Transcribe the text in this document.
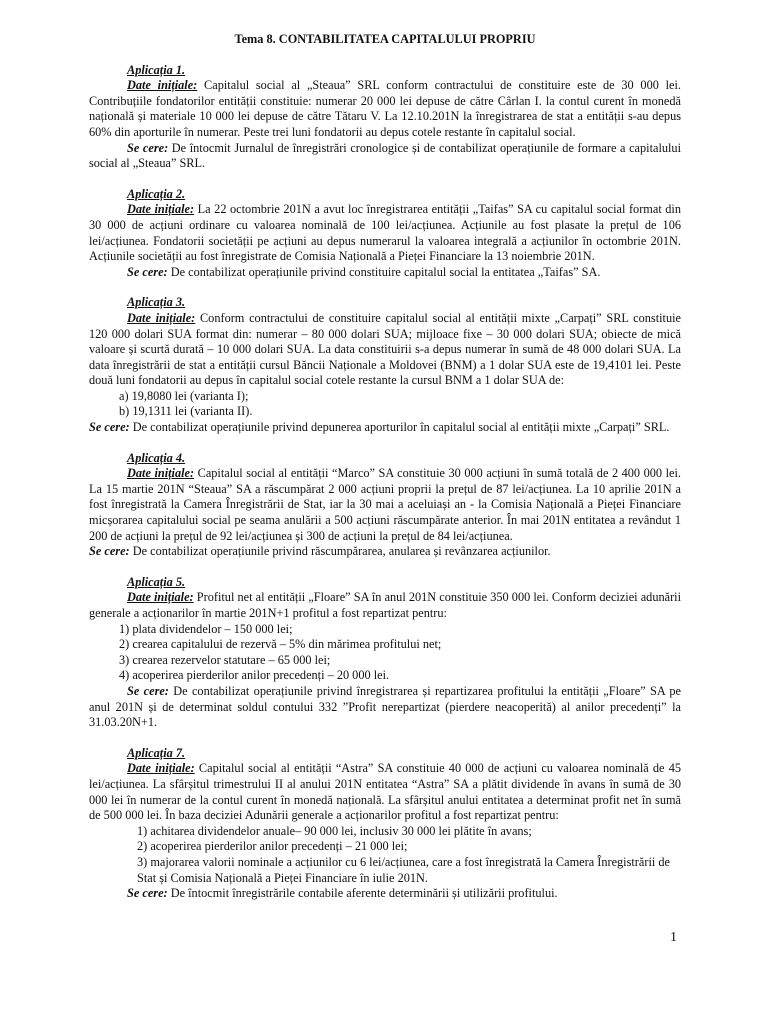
Tema 8. CONTABILITATEA CAPITALULUI PROPRIU
Aplicația 1.

Date inițiale: Capitalul social al „Steaua” SRL conform contractului de constituire este de 30 000 lei. Contribuțiile fondatorilor entității constituie: numerar 20 000 lei depuse de către Cârlan I. la contul curent în monedă națională și materiale 10 000 lei depuse de către Tătaru V. La 12.10.201N la înregistrarea de stat a entității s-au depus 60% din aporturile în numerar. Peste trei luni fondatorii au depus cotele restante în capitalul social.

Se cere: De întocmit Jurnalul de înregistrări cronologice și de contabilizat operațiunile de formare a capitalului social al „Steaua” SRL.

Aplicația 2.

Date inițiale: La 22 octombrie 201N a avut loc înregistrarea entității „Taifas” SA cu capitalul social format din 30 000 de acțiuni ordinare cu valoarea nominală de 100 lei/acțiunea. Acțiunile au fost plasate la prețul de 106 lei/acțiunea. Fondatorii societății pe acțiuni au depus numerarul la valoarea integrală a acțiunilor în octombrie 201N. Acțiunile societății au fost înregistrate de Comisia Națională a Pieței Financiare la 13 noiembrie 201N.

Se cere: De contabilizat operațiunile privind constituire capitalul social la entitatea „Taifas” SA.

Aplicația 3.

Date inițiale: Conform contractului de constituire capitalul social al entității mixte „Carpați” SRL constituie 120 000 dolari SUA format din: numerar – 80 000 dolari SUA; mijloace fixe – 30 000 dolari SUA; obiecte de mică valoare și scurtă durată – 10 000 dolari SUA. La data constituirii s-a depus numerar în sumă de 48 000 dolari SUA. La data înregistrării de stat a entității cursul Băncii Naționale a Moldovei (BNM) a 1 dolar SUA este de 19,4101 lei. Peste două luni fondatorii au depus în capitalul social cotele restante la cursul BNM a 1 dolar SUA de:

a) 19,8080 lei (varianta I);
b) 19,1311 lei (varianta II).

Se cere: De contabilizat operațiunile privind depunerea aporturilor în capitalul social al entității mixte „Carpați” SRL.

Aplicația 4.

Date inițiale: Capitalul social al entității “Marco” SA constituie 30 000 acțiuni în sumă totală de 2 400 000 lei. La 15 martie 201N “Steaua” SA a răscumpărat 2 000 acțiuni proprii la prețul de 87 lei/acțiunea. La 10 aprilie 201N a fost înregistrată la Camera Înregistrării de Stat, iar la 30 mai a aceluiași an - la Comisia Națională a Pieței Financiare micșorarea capitalului social pe seama anulării a 500 acțiuni răscumpărate anterior. În mai 201N entitatea a revândut 1 200 de acțiuni la prețul de 92 lei/acțiunea și 300 de acțiuni la prețul de 84 lei/acțiunea.

Se cere: De contabilizat operațiunile privind răscumpărarea, anularea și revânzarea acțiunilor.

Aplicația 5.

Date inițiale: Profitul net al entității „Floare” SA în anul 201N constituie 350 000 lei. Conform deciziei adunării generale a acționarilor în martie 201N+1 profitul a fost repartizat pentru:

1) plata dividendelor – 150 000 lei;
2) crearea capitalului de rezervă – 5% din mărimea profitului net;
3) crearea rezervelor statutare – 65 000 lei;
4) acoperirea pierderilor anilor precedenți – 20 000 lei.

Se cere: De contabilizat operațiunile privind înregistrarea și repartizarea profitului la entității „Floare” SA pe anul 201N și de determinat soldul contului 332 ”Profit nerepartizat (pierdere neacoperită) al anilor precedenți” la 31.03.20N+1.

Aplicația 7.

Date inițiale: Capitalul social al entității “Astra” SA constituie 40 000 de acțiuni cu valoarea nominală de 45 lei/acțiunea. La sfârșitul trimestrului II al anului 201N entitatea “Astra” SA a plătit dividende în avans în sumă de 30 000 lei în numerar de la contul curent în monedă națională. La sfârșitul anului entitatea a determinat profit net în sumă de 500 000 lei. În baza deciziei Adunării generale a acționarilor profitul a fost repartizat pentru:

1) achitarea dividendelor anuale– 90 000 lei, inclusiv 30 000 lei plătite în avans;
2) acoperirea pierderilor anilor precedenți – 21 000 lei;
3) majorarea valorii nominale a acțiunilor cu 6 lei/acțiunea, care a fost înregistrată la Camera Înregistrării de Stat și Comisia Națională a Pieței Financiare în iulie 201N.

Se cere: De întocmit înregistrările contabile aferente determinării și utilizării profitului.

1
